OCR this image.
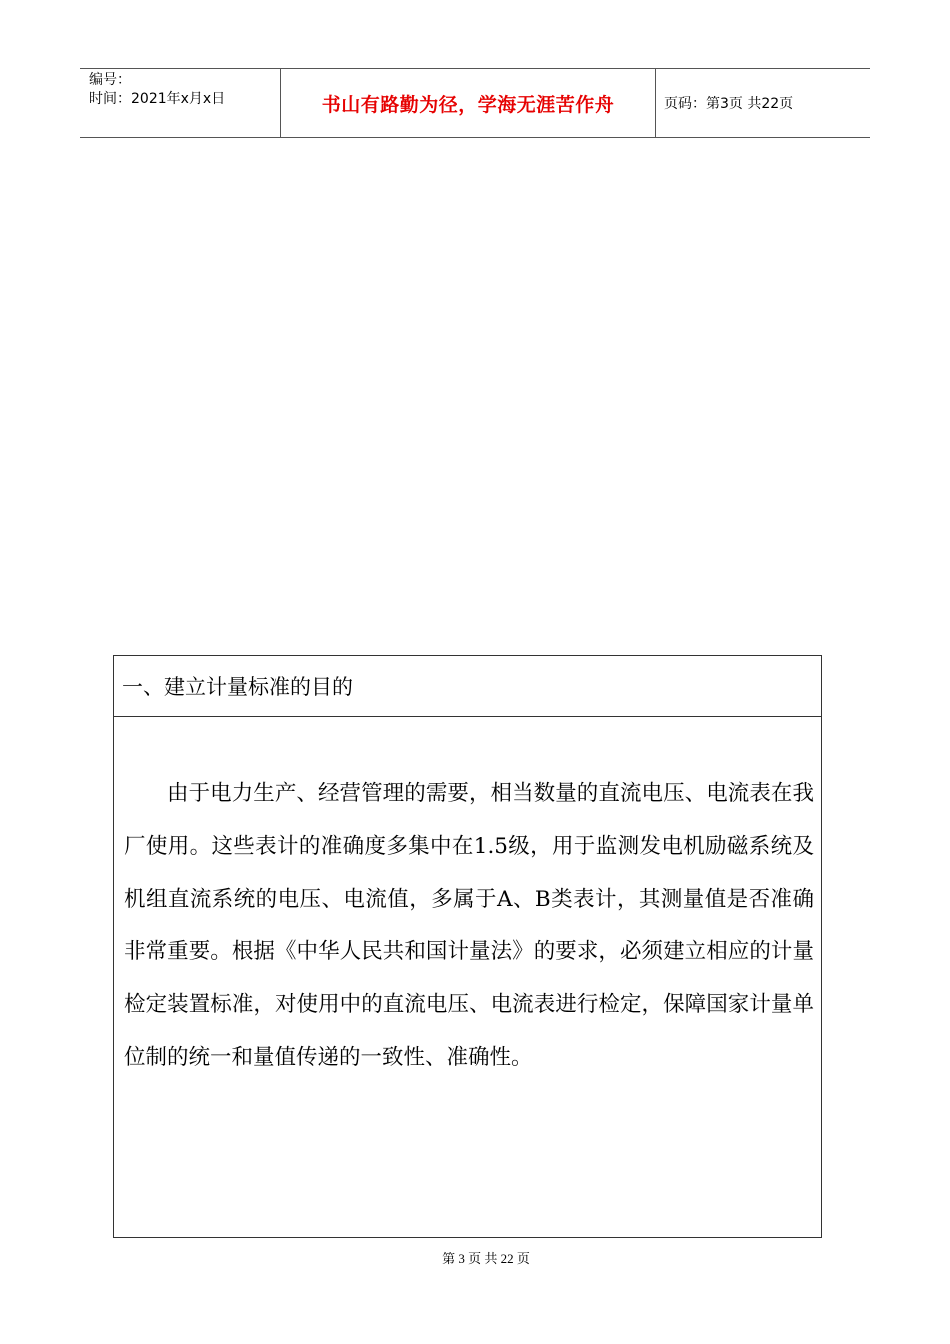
编号：
时间：2021年x月x日	书山有路勤为径，学海无涯苦作舟	页码：第3页 共22页
一、建立计量标准的目的

由于电力生产、经营管理的需要，相当数量的直流电压、电流表在我厂使用。这些表计的准确度多集中在1.5级，用于监测发电机励磁系统及机组直流系统的电压、电流值，多属于A、B类表计，其测量值是否准确非常重要。根据《中华人民共和国计量法》的要求，必须建立相应的计量检定装置标准，对使用中的直流电压、电流表进行检定，保障国家计量单位制的统一和量值传递的一致性、准确性。

第 3 页 共 22 页
